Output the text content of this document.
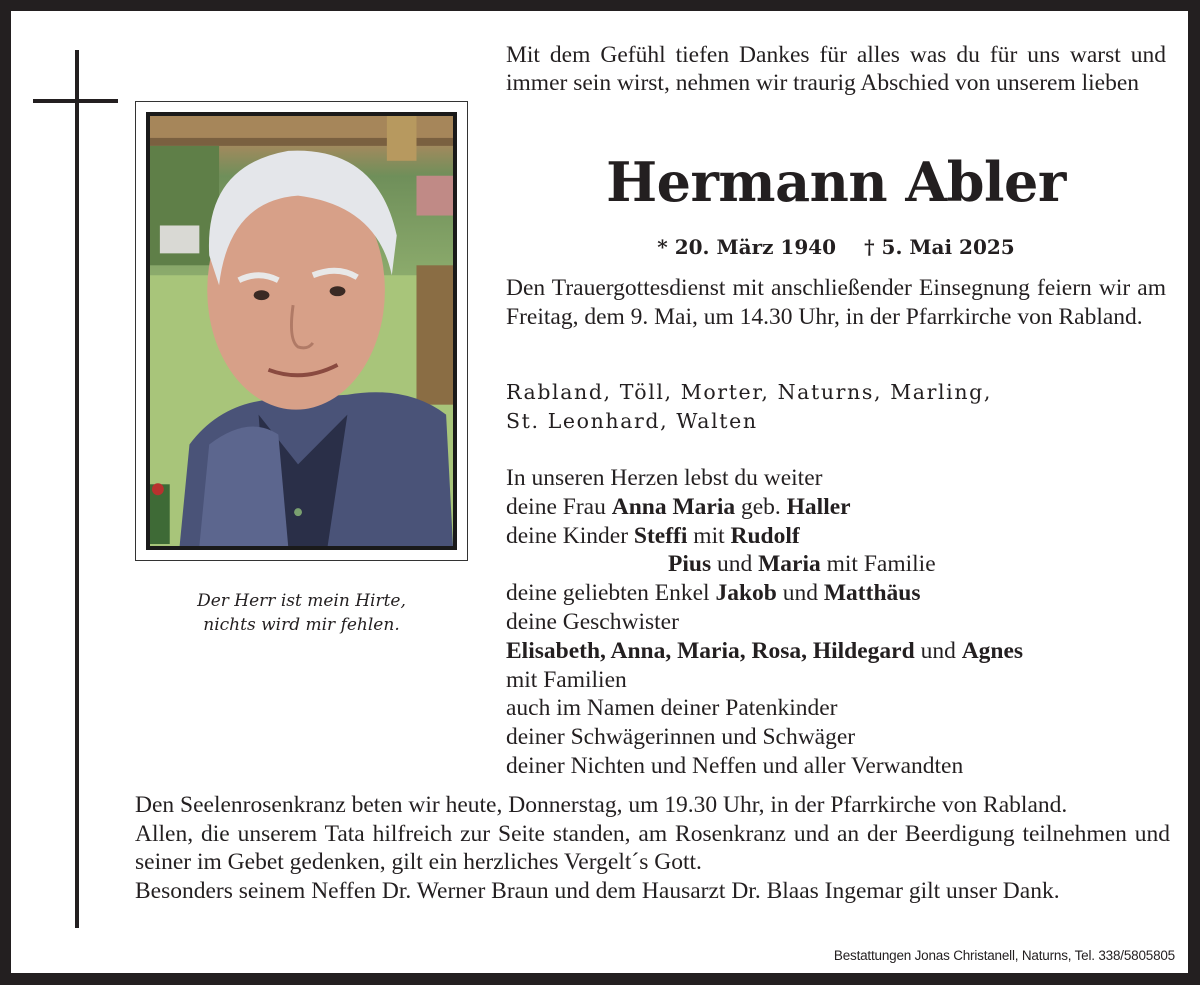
Der Herr ist mein Hirte,
nichts wird mir fehlen.
Mit dem Gefühl tiefen Dankes für alles was du für uns warst und immer sein wirst, nehmen wir traurig Abschied von unserem lieben
Hermann Abler
* 20. März 1940 † 5. Mai 2025
Den Trauergottesdienst mit anschließender Einsegnung feiern wir am Freitag, dem 9. Mai, um 14.30 Uhr, in der Pfarrkirche von Rabland.
Rabland, Töll, Morter, Naturns, Marling,
St. Leonhard, Walten
In unseren Herzen lebst du weiter
deine Frau Anna Maria geb. Haller
deine Kinder Steffi mit Rudolf
Pius und Maria mit Familie
deine geliebten Enkel Jakob und Matthäus
deine Geschwister
Elisabeth, Anna, Maria, Rosa, Hildegard und Agnes
mit Familien
auch im Namen deiner Patenkinder
deiner Schwägerinnen und Schwäger
deiner Nichten und Neffen und aller Verwandten
Den Seelenrosenkranz beten wir heute, Donnerstag, um 19.30 Uhr, in der Pfarrkirche von Rabland.
Allen, die unserem Tata hilfreich zur Seite standen, am Rosenkranz und an der Beerdigung teilnehmen und seiner im Gebet gedenken, gilt ein herzliches Vergelt´s Gott.
Besonders seinem Neffen Dr. Werner Braun und dem Hausarzt Dr. Blaas Ingemar gilt unser Dank.
Bestattungen Jonas Christanell, Naturns, Tel. 338/5805805
